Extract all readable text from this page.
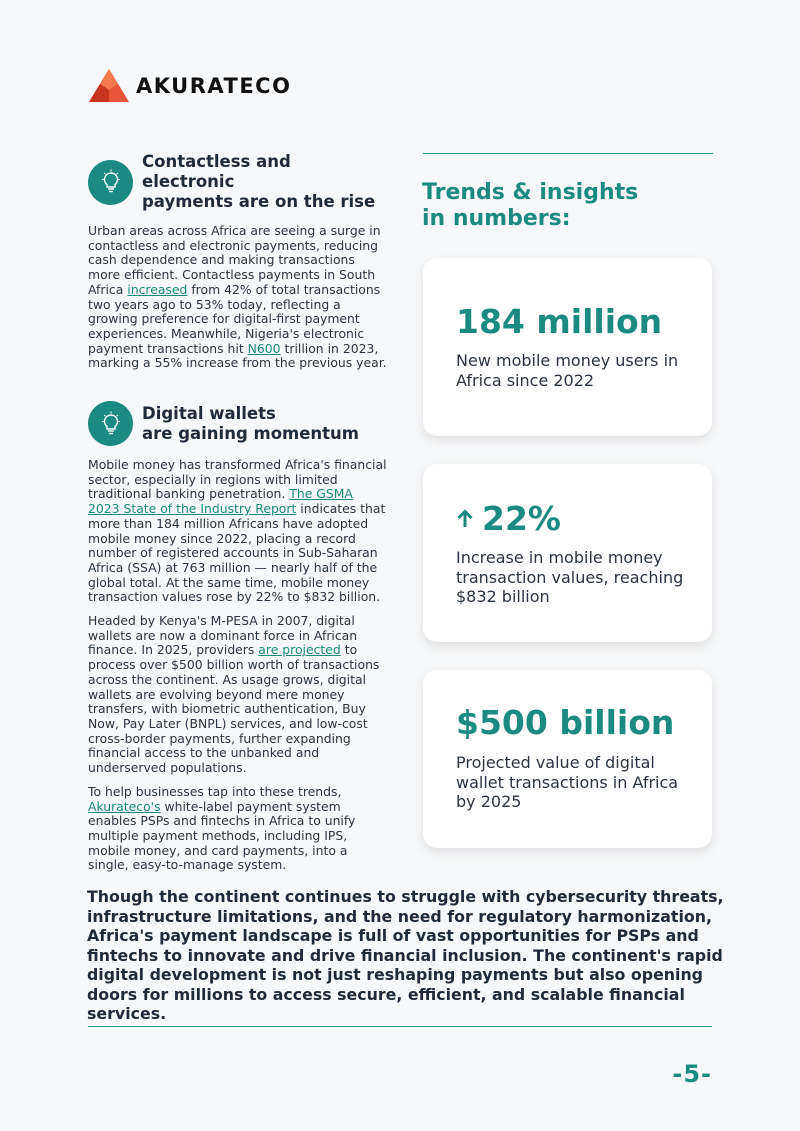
AKURATECO
Contactless and electronic
payments are on the rise

Urban areas across Africa are seeing a surge in contactless and electronic payments, reducing cash dependence and making transactions more efficient. Contactless payments in South Africa increased from 42% of total transactions two years ago to 53% today, reflecting a growing preference for digital-first payment experiences. Meanwhile, Nigeria's electronic payment transactions hit N600 trillion in 2023, marking a 55% increase from the previous year.

Digital wallets
are gaining momentum

Mobile money has transformed Africa's financial sector, especially in regions with limited traditional banking penetration. The GSMA 2023 State of the Industry Report indicates that more than 184 million Africans have adopted mobile money since 2022, placing a record number of registered accounts in Sub-Saharan Africa (SSA) at 763 million — nearly half of the global total. At the same time, mobile money transaction values rose by 22% to $832 billion.

Headed by Kenya's M-PESA in 2007, digital wallets are now a dominant force in African finance. In 2025, providers are projected to process over $500 billion worth of transactions across the continent. As usage grows, digital wallets are evolving beyond mere money transfers, with biometric authentication, Buy Now, Pay Later (BNPL) services, and low-cost cross-border payments, further expanding financial access to the unbanked and underserved populations.

To help businesses tap into these trends, Akurateco's white-label payment system enables PSPs and fintechs in Africa to unify multiple payment methods, including IPS, mobile money, and card payments, into a single, easy-to-manage system.

Trends & insights
in numbers:
184 million
New mobile money users in Africa since 2022
22%
Increase in mobile money transaction values, reaching $832 billion
$500 billion
Projected value of digital wallet transactions in Africa by 2025
Though the continent continues to struggle with cybersecurity threats, infrastructure limitations, and the need for regulatory harmonization, Africa's payment landscape is full of vast opportunities for PSPs and fintechs to innovate and drive financial inclusion. The continent's rapid digital development is not just reshaping payments but also opening doors for millions to access secure, efficient, and scalable financial services.
-5-
